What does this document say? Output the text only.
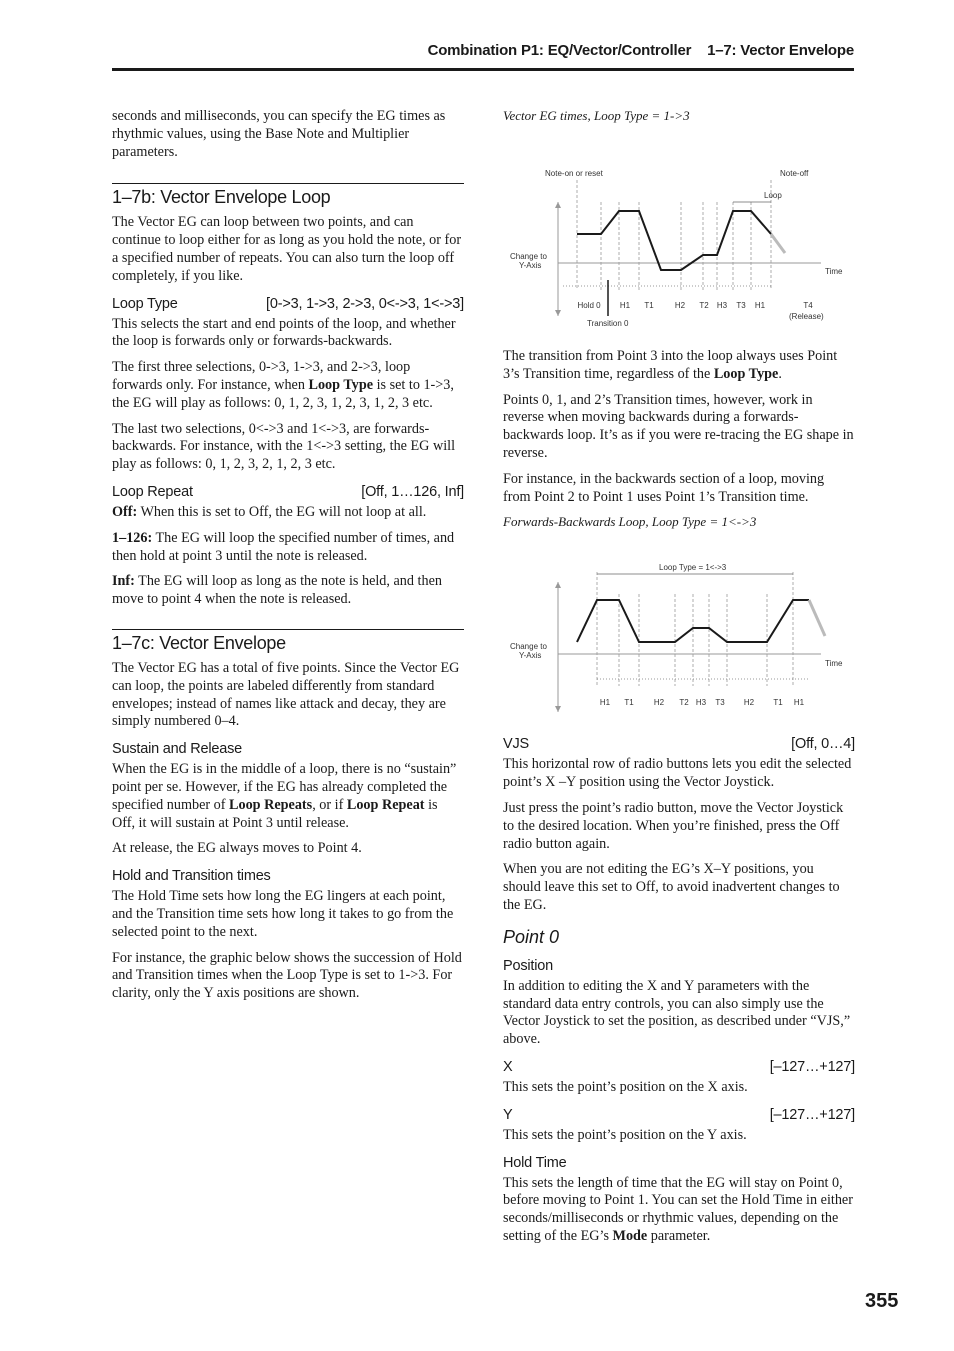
Combination P1: EQ/Vector/Controller    1–7: Vector Envelope

seconds and milliseconds, you can specify the EG times as rhythmic values, using the Base Note and Multiplier parameters.

1–7b: Vector Envelope Loop

The Vector EG can loop between two points, and can continue to loop either for as long as you hold the note, or for a specified number of repeats. You can also turn the loop off completely, if you like.

Loop Type	[0->3, 1->3, 2->3, 0<->3, 1<->3]

This selects the start and end points of the loop, and whether the loop is forwards only or forwards-backwards.

The first three selections, 0->3, 1->3, and 2->3, loop forwards only. For instance, when Loop Type is set to 1->3, the EG will play as follows: 0, 1, 2, 3, 1, 2, 3, 1, 2, 3 etc.

The last two selections, 0<->3 and 1<->3, are forwards-backwards. For instance, with the 1<->3 setting, the EG will play as follows: 0, 1, 2, 3, 2, 1, 2, 3 etc.

Loop Repeat	[Off, 1…126, Inf]

Off: When this is set to Off, the EG will not loop at all.

1–126: The EG will loop the specified number of times, and then hold at point 3 until the note is released.

Inf: The EG will loop as long as the note is held, and then move to point 4 when the note is released.

1–7c: Vector Envelope

The Vector EG has a total of five points. Since the Vector EG can loop, the points are labeled differently from standard envelopes; instead of names like attack and decay, they are simply numbered 0–4.

Sustain and Release

When the EG is in the middle of a loop, there is no “sustain” point per se. However, if the EG has already completed the specified number of Loop Repeats, or if Loop Repeat is Off, it will sustain at Point 3 until release.

At release, the EG always moves to Point 4.

Hold and Transition times

The Hold Time sets how long the EG lingers at each point, and the Transition time sets how long it takes to go from the selected point to the next.

For instance, the graphic below shows the succession of Hold and Transition times when the Loop Type is set to 1->3. For clarity, only the Y axis positions are shown.

Vector EG times, Loop Type = 1->3
Note-on or reset	Note-off
Loop
Change to
Y-Axis
Time
Transition 0
(Release)
Hold 0 H1 T1	H2 T2 H3 T3 H1	T4

The transition from Point 3 into the loop always uses Point 3’s Transition time, regardless of the Loop Type.

Points 0, 1, and 2’s Transition times, however, work in reverse when moving backwards during a forwards-backwards loop. It’s as if you were re-tracing the EG shape in reverse.

For instance, in the backwards section of a loop, moving from Point 2 to Point 1 uses Point 1’s Transition time.

Forwards-Backwards Loop, Loop Type = 1<->3
Loop Type = 1<->3
Change to
Y-Axis
Time
H1 T1	H2 T2 H3 T3 H2 T1 H1
VJS	[Off, 0…4]

This horizontal row of radio buttons lets you edit the selected point’s X –Y position using the Vector Joystick.

Just press the point’s radio button, move the Vector Joystick to the desired location. When you’re finished, press the Off radio button again.

When you are not editing the EG’s X–Y positions, you should leave this set to Off, to avoid inadvertent changes to the EG.

Point 0
Position

In addition to editing the X and Y parameters with the standard data entry controls, you can also simply use the Vector Joystick to set the position, as described under “VJS,” above.

X	[–127…+127]

This sets the point’s position on the X axis.

Y	[–127…+127]

This sets the point’s position on the Y axis.

Hold Time

This sets the length of time that the EG will stay on Point 0, before moving to Point 1. You can set the Hold Time in either seconds/milliseconds or rhythmic values, depending on the setting of the EG’s Mode parameter.

355
